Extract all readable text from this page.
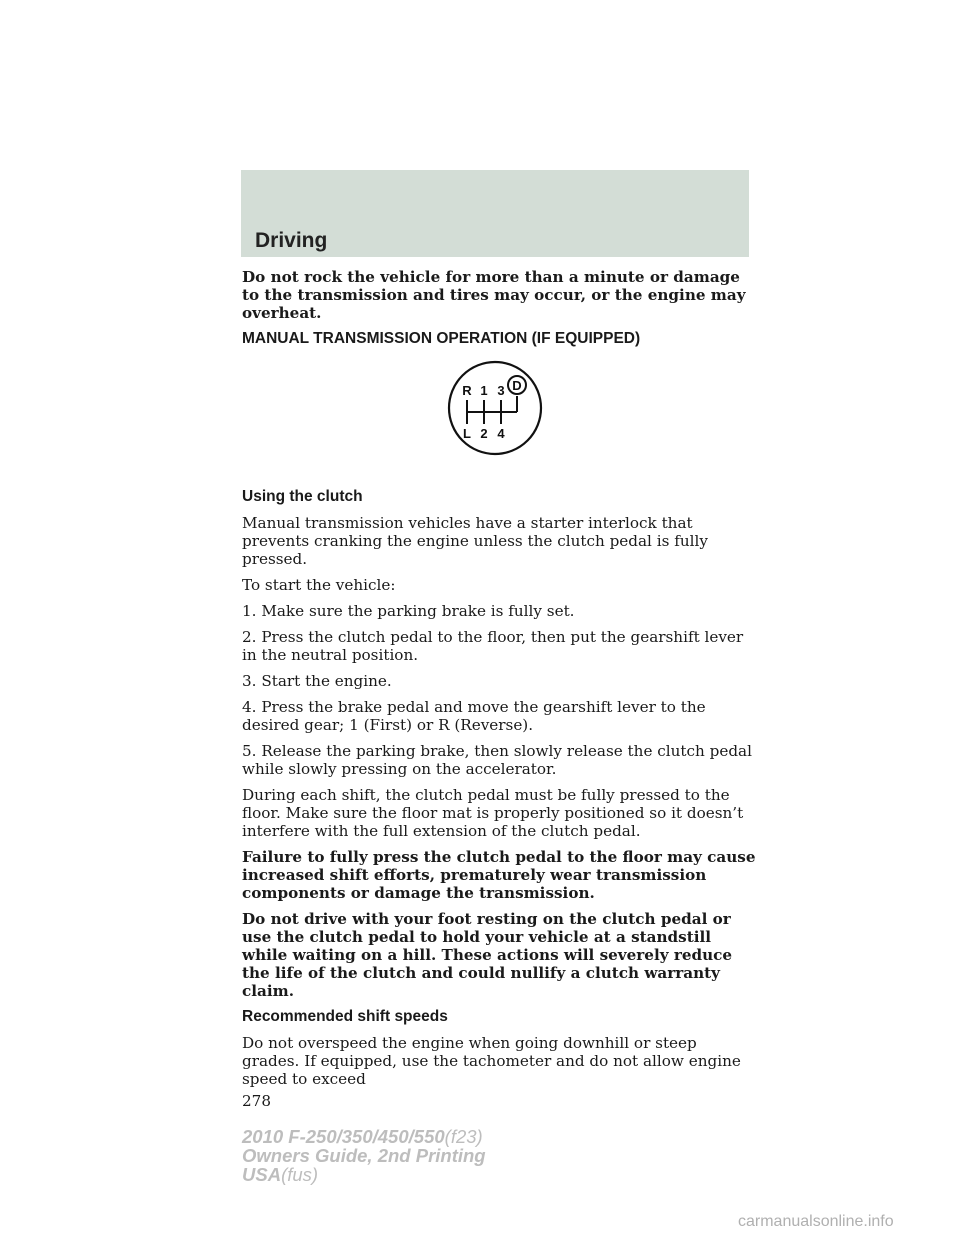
Driving

Do not rock the vehicle for more than a minute or damage to the transmission and tires may occur, or the engine may overheat.

MANUAL TRANSMISSION OPERATION (IF EQUIPPED)

D
R 1 3
L 2 4

Using the clutch

Manual transmission vehicles have a starter interlock that prevents cranking the engine unless the clutch pedal is fully pressed.

To start the vehicle:

1. Make sure the parking brake is fully set.

2. Press the clutch pedal to the floor, then put the gearshift lever in the neutral position.

3. Start the engine.

4. Press the brake pedal and move the gearshift lever to the desired gear; 1 (First) or R (Reverse).

5. Release the parking brake, then slowly release the clutch pedal while slowly pressing on the accelerator.

During each shift, the clutch pedal must be fully pressed to the floor. Make sure the floor mat is properly positioned so it doesn’t interfere with the full extension of the clutch pedal.

Failure to fully press the clutch pedal to the floor may cause increased shift efforts, prematurely wear transmission components or damage the transmission.

Do not drive with your foot resting on the clutch pedal or use the clutch pedal to hold your vehicle at a standstill while waiting on a hill. These actions will severely reduce the life of the clutch and could nullify a clutch warranty claim.

Recommended shift speeds

Do not overspeed the engine when going downhill or steep grades. If equipped, use the tachometer and do not allow engine speed to exceed

278
2010 F-250/350/450/550(f23)
Owners Guide, 2nd Printing
USA(fus)
carmanualsonline.info
